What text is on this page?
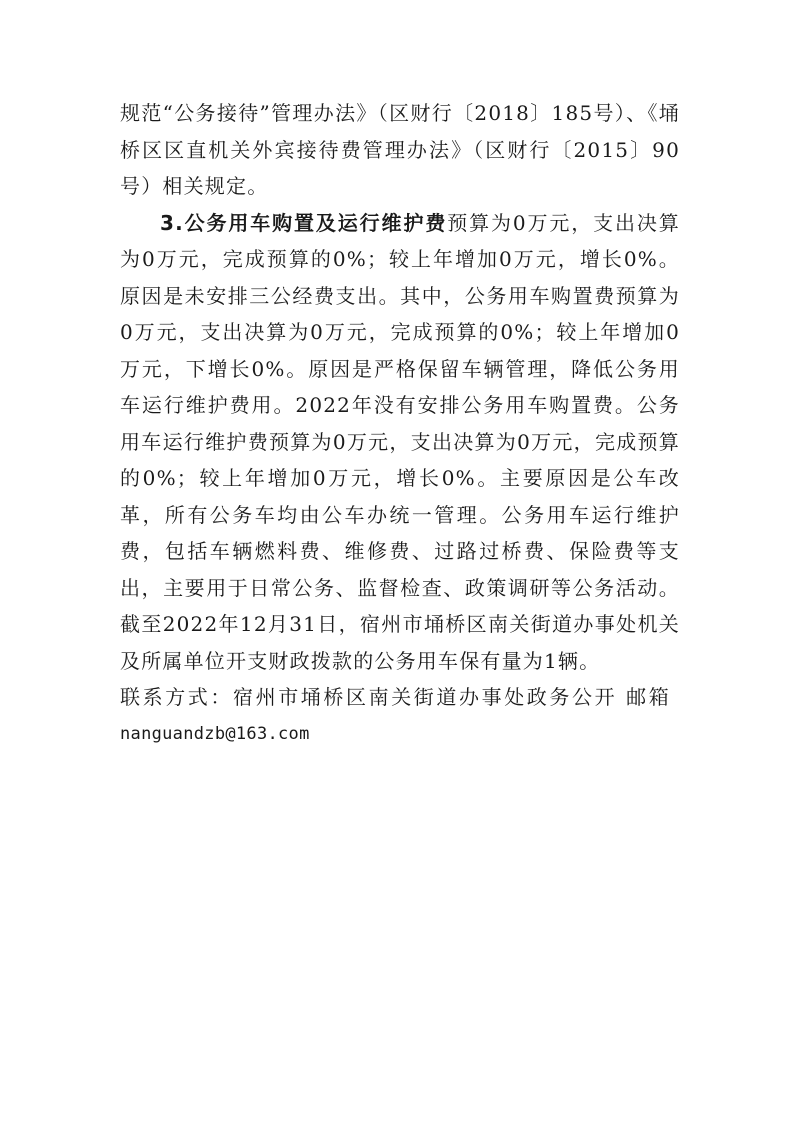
规范“公务接待”管理办法》（区财行〔2018〕185号）、《埇桥区区直机关外宾接待费管理办法》（区财行〔2015〕90号）相关规定。

3.公务用车购置及运行维护费预算为0万元，支出决算为0万元，完成预算的0%；较上年增加0万元，增长0%。原因是未安排三公经费支出。其中，公务用车购置费预算为0万元，支出决算为0万元，完成预算的0%；较上年增加0万元，下增长0%。原因是严格保留车辆管理，降低公务用车运行维护费用。2022年没有安排公务用车购置费。公务用车运行维护费预算为0万元，支出决算为0万元，完成预算的0%；较上年增加0万元，增长0%。主要原因是公车改革，所有公务车均由公车办统一管理。公务用车运行维护费，包括车辆燃料费、维修费、过路过桥费、保险费等支出，主要用于日常公务、监督检查、政策调研等公务活动。截至2022年12月31日，宿州市埇桥区南关街道办事处机关及所属单位开支财政拨款的公务用车保有量为1辆。

联系方式：宿州市埇桥区南关街道办事处政务公开 邮箱

nanguandzb@163.com
